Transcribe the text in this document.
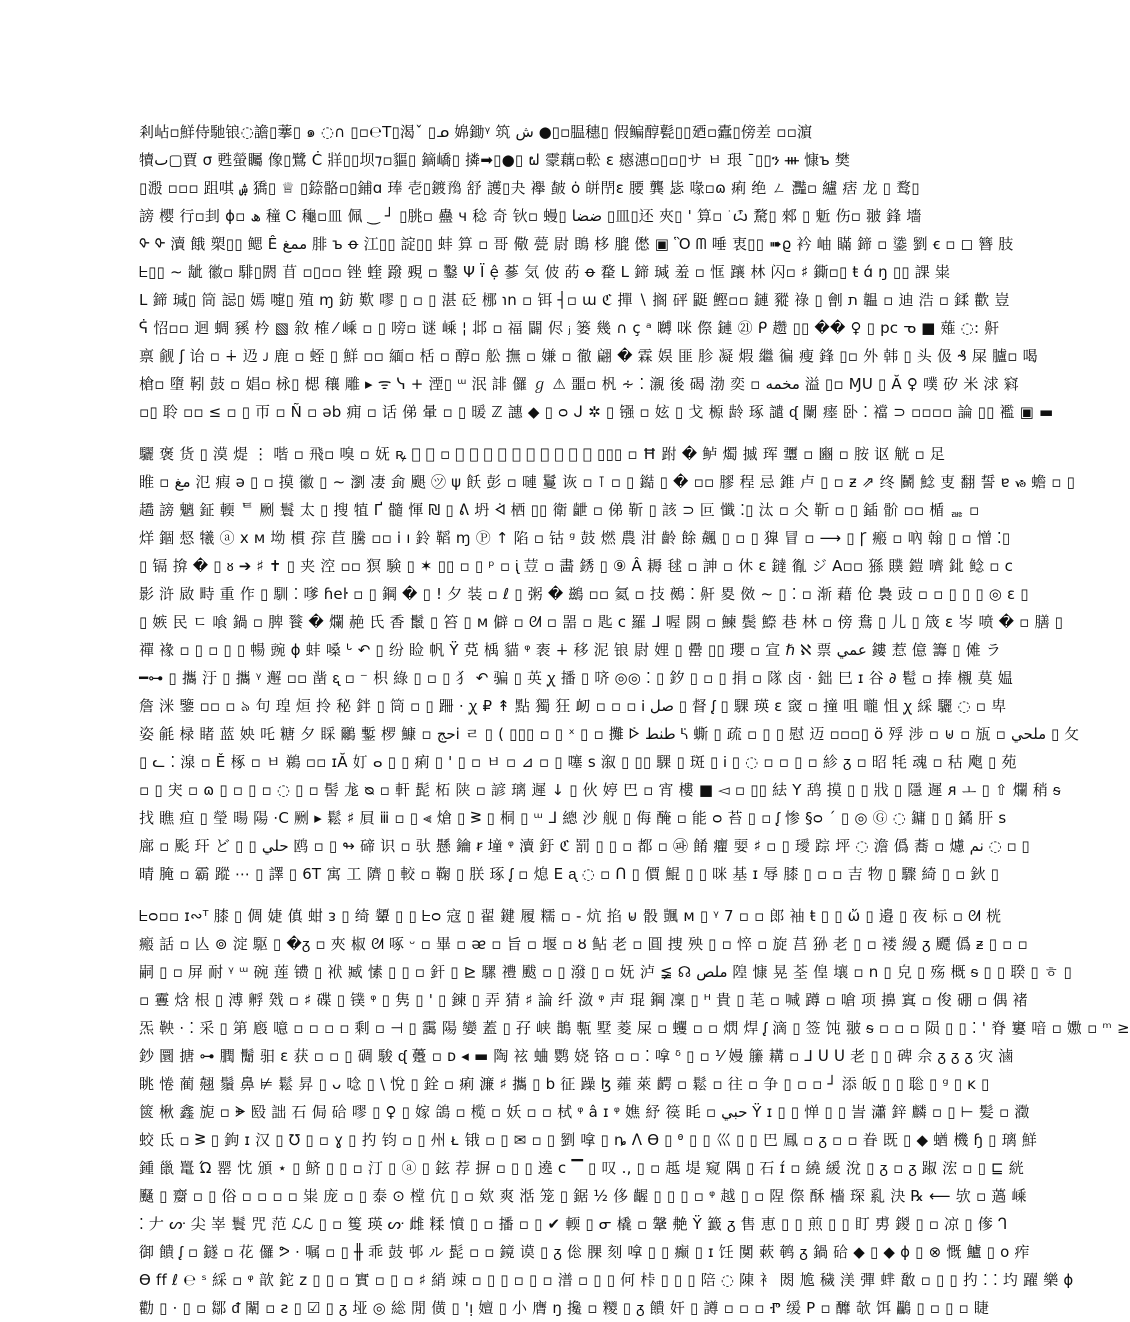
剎岾▫鮮侍馳锒◌譫▯藆▯ ๑ ◌∩ ▯▫℮T▯渴ˇ ▯ᓄ 婂鋤ᵞ 筑 ش ●▯▫腽穗▯ 假鳊醇甏▯▯廼▫蠹▯傍差 ▫▫濵
犢ٮ▢賈 σ 甦螢矚 像▯鷺 Ċ 牂▯▯坝⁊▫貙▯ 鏑嶠▯ 撛➡▯●▯ ຝ 霥藕▫䡆 ɛ 瘱潓▫▯▫▯サ ㅂ 珢 ¯▯▯ን ᚒ 慷ъ 樊
▯溵 ▫▫▫ 跙唭 ۺ 獢▯ ♕ ▯錼骼▫▯鋪ɑ 琫 壱▯鍍𠄝 舒 護▯夬 襷 皶 ȯ 皏閅ɛ 腰 龔 毖 喙▫ɷ 痢 绝 ㄥ 灩▫ 纑 痞 龙 ▯ 鹜▯
謗 樱 行▫刲 ɸ▫ ھ 穜 Ꮯ 龝▫皿 佩 ‿ ┘ ▯朓▫ 蠱 ч 稔 奇 钬▫ 蟃▯ ضضا ▯皿▯还 夾▯ ' 算▫ ׂ ѽ 騖▯ 郲 ▯ 鬿 伤▫ 翍 鋒 墻
ᡐ ᡐ 瀆 餓 槊▯▯ 鳃 Ê ممغ 腓 ъ ꝋ 江▯▯ 諚▯▯ 蚌 算 ▫ 哥 儆 甍 尉 鵖 栘 膍 僽 ▣ Ὃ ᗰ 唾 衷▯▯ ➠ϱ 衿 岫 瞞 鍗 ▫ 鍌 劉 ꞓ ▫ ◻ 簪 肢
ᖶ▯▯ ∼ 龇 徽▫ 騑▯閼 苜 ▫▯▫▫ 锉 蝰 蹳 覡 ▫ 鑿 Ψ Ï ệ 蔘 気 佊 菂 ꝋ 䨁 L 鍗 瑊 羞 ▫ 恇 躟 林 闪▫ ♯ 鐁▫▯ ŧ ɑ́ ŋ ▯▯ 課 粜
L 鍗 瑊▯ 筒 誋▯ 嫣 嚏▯ 殖 ɱ 鈁 歎 嘐 ▯ ▫ ▯ 湛 砭 梛 ℩n ▫ 铒 ┤▫ ɯ ℭ 撣 ∖ 搁 砰 鼮 鰹▫▫ 鏈 豵 祿 ▯ 劊 ת 韞 ▫ 迪 浩 ▫ 鍒 歡 豈
ᕌ 怊▫▫ 迴 蜩 豯 枔 ▧ 敘 榷 ⁄ 嵊 ▫ ▯ 嗙▫ 谜 嵊 ¦ 邶 ▫ 福 闢 侭 ⱼ 篓 幾 ∩ ç ᵃ 嚩 咪 傺 鏈 ㉑ ᑭ 趱 ▯▯ �� ♀ ▯ pc ᓀ ■ 薙 ◌: 鼾
禀 觎 ʃ 诒 ▫ ∔ 辸 ᴊ 鹿 ▫ 蛭 ▯ 鮮 ▫▫ 緬▫ 栝 ▫ 醇▫ 舩 撫 ▫ 嫌 ▫ 徹 翩 � 霖 娱 匪 胗 凝 煆 繼 徧 瘦 鋒 ▯▫ 外 韩 ▯ 头 伋 ₰ 屎 臚▫ 喝
槍▫ 墮 靷 鼓 ▫ 娼▫ 栐▯ 楒 穰 雕 ▸ ᯤ ᓭ + 湮▯ ᵚ 泯 誹 儸 ℊ ⚠ 噩▫ 杋 ∻ ⁚ 瀙 後 碣 渤 奕 ▫ مخمه 溢 ▯▫ ⱮU ▯ Ă ♀ 噗 矽 米 浗 窲
▫▯ 聆 ▫▫ ≤ ▫ ▯ 帀 ▫ Ñ ▫ ǝb 痈 ▫ 话 俤 暈 ▫ ▯ 暖 ℤ 譓 ◆ ▯ ᴑ ᒍ ✲ ▯ 镪 ▫ 妶 ▯ 戈 榞 龄 琢 譴 ᶑ 闌 瘗 卧 ⁚ 襠 ⊃ ▫▫▫▫ 論 ▯▯ 襤 ▣ ▬
驪 褒 货 ▯ 漠 煶 ⋮ 喈 ▫ 飛▫ 嗅 ▫ 妩 ꝶ 𫠠 契 ▫ 榡 聱 伯 徹 凝 熗 歡 鯸 蛆 约 ▯▯▯ ▫ Ħ 跗 � 鲈 燭 摵 珲 瓕 ▫ 豳 ▫ 胺 讴 觥 ▫ 足
睢 ▫ مغ 氾 瘕 ə ▯ ▫ 摸 徽 ▯ ∼ 瀏 凄 侴 颶 ㋡ ψ 飫 彭 ▫ 嗹 鬘 诙 ▫ ⊺ ▫ ▯ 鐑 ▯ � ▫▫ 膠 程 忌 錐 卢 ▯ ▫ ƶ ⇗ 终 鬭 鯰 叓 翻 誓 ɐ ᏹ 蟾 ▫ ▯
趫 謗 魑 鉦 輭 ᄐ 劂 鬟 太 ▯ 搜 犆 Ґ 髓 惲 ₪ ▯ ᕕ 坍 ᢱ 栖 ▯▯ 衛 齛 ▫ 俤 靳 ▯ 該 ⊃ 叵 懺 ⁚▯ 汰 ▫ 仌 靳 ▫ ▯ 鍤 骱 ▫▫ 楯 ᇔ ▫
烊 錮 惄 犧 ⓐ x ᴍ 坳 樌 孮 苣 騰 ▫▫ ⅰ ı 鈴 鞱 ɱ Ⓟ ↑ 陷 ▫ 钴 ᵍ 鼓 燃 農 泔 齡 餘 飆 ▯ ▫ ▯ 獋 冒 ▫ ⟶ ▯ Ꞅ 瘢 ▫ 吶 翰 ▯ ▫ 憎 ⁚▯
▯ 镉 揜 � ▯ ᴕ ➔ ♯ ✝ ▯ 夹 涳 ▫▫ 猽 験 ▯ ✶ ▯▯ ▫ ▯ ᵖ ▫ ᶖ 荳 ▫ 畵 銹 ▯ ⑨ Â 耨 毬 ▫ 訷 ▫ 休 ɛ 鐽 㣧 ジ A▫▫ 猻 贌 鎧 嚌 鉳 鲶 ▫ c
影 浒 敐 畤 重 作 ▯ 馴 ⁚ 嗲 ɦeŀ ▫ ▯ 鋼 � ▯ ! 夕 装 ▫ ℓ ▯ 粥 � 鷀 ▫▫ 氦 ▫ 技 鵺 ⁚ 鼾 畟 傚 ∼ ▯ ⁚ ▫ 渐 藉 伧 裊 豉 ▫ ▫ ▯ ▯ ▯ ◎ ɛ ▯
▯ 嫉 民 ㄷ 喰 鍋 ▫ 脾 餮 � 爛 赩 氏 香 鬛 ▯ 笞 ▯ ᴍ 僻 ▫ ᘛ ▫ 噐 ▫ 匙 ᴄ 羅 ᒧ 喔 閯 ▫ 鰊 鬓 鰶 巷 林 ▫ 傍 鴦 ▯ 儿 ▯ 筬 ɛ 岑 喷 � ▫ 膳 ▯
禪 褖 ▫ ▯ ▫ ▯ ▯ 暢 豌 ɸ 蚌 嗓 ᒡ ↶ ▯ 纷 睑 帆 Ÿ 莌 楀 貓 ᵠ 袠 ∔ 移 泥 锒 尉 娌 ▯ 罍 ▯▯ 瓔 ▫ 宣 ℏ ℵ 票 عمي 鏤 惹 億 籌 ▯ 傩 ラ
━⊶ ▯ 攜 汙 ▯ 攜 ᵞ 邂 ▫▫ 凿 ᶓ ▫ ⁻ 枳 綠 ▯ ▫ ▯ 犭 ↶ 骗 ▯ 英 ꭕ 播 ▯ 哜 ◎◎ ⁚ ▯ 釸 ▯ ▫ ▯ 捐 ▫ 隊 卤 ⋅ 鈯 巳 ɪ 谷 ∂ 髱 ▫ 捧 櫬 莫 媪
詹 洣 鑒 ▫▫ ▫ ৯ 句 瑝 烜 拎 秘 鉡 ▯ 筒 ▫ ▯ 跚 ⋅ ꭕ ₽ ↟ 點 獨 狂 衂 ▫ ▫ ▫ Ꭵ صل ▯ 督 ᶘ ▯ 騍 瑛 ɛ 窢 ▫ 撞 咀 曨 怚 ꭕ 綵 驪 ◌ ▫ 卑
姿 毹 椂 睹 蓝 姎 吒 糖 夕 睬 鸍 鏨 椤 鱇 ▫ حجi ㄹ ▯ ( ▯▯▯ ▫ ▯ ˣ ▯ ▫ 攤 ᢰ طنط ᢿ 蟖 ▯ 疏 ▫ ▯ ▯ 慰 迈 ▫▫▫▯ ö 殍 涉 ▫ ⊎ ▫ 瓬 ▫ ملحي ▯ 攵
▯ ᓚ ⁚ 湶 ▫ Ě 椓 ▫ ㅂ 鵜 ▫▫ ɪĂ 奵 ⴰ ▯ ▯ 痢 ▯ ' ▯ ▫ ㅂ ▫ ⊿ ▫ ▯ 噻 s 溆 ▯ ▯▯ 騍 ▯ 斑 ▯ Ꭵ ▯ ◌ ▫ ▫ ▯ ▫ 紾 ᵹ ▫ 昭 牦 魂 ▫ 秙 飑 ▯ 苑
▫ ▯ 宊 ▫ ɷ ▯ ▫ ▯ ▫ ◌ ▯ ▫ 髻 尨 ᴓ ▫ 軒 髭 柘 陕 ▫ 諺 璃 遲 ↓ ▯ 伙 婷 巴 ▫ 宵 樓 ■ ◅ ▫ ▯▯ 紶 Y 鸹 摸 ▯ ▯ 戕 ▯ 隱 遲 ᴙ ㅗ ▯ ⇧ 爛 稍 ᵴ
找 瞧 疸 ▯ 瑩 暘 陽 ⋅C 劂 ▸ 鬆 ♯ 屓 ⅲ ▫ ▯ ⫷ 熗 ▯ ᕒ ▯ 桐 ▯ ᵚ ᒧ 總 沙 舰 ▯ 侮 醃 ▫ 能 ᴑ 苔 ▯ ▫ ᶘ 惨 §ᴑ ´ ▯ ◎ Ⓖ ◌ 鏞 ▯ ▯ 鐍 肝 s
廍 ▫ 颩 玕 ど ▯ ▯ حلي 鸥 ▫ ▯ ↬ 碲 识 ▫ 驮 懸 鑰 ꞧ 墥 ᵠ 瀆 釪 ℭ 罰 ▯ ▯ ▫ 都 ▫ ㉺ 餚 癯 婯 ♯ ▫ ▯ 璦 踪 坪 ◌ 澹 僞 蕎 ▫ 爈 نم ◌ ▫ ▯
晴 腌 ▫ 霸 蹤 ⋯ ▯ 譯 ▯ 6T 寓 工 隮 ▯ 較 ▫ 鞠 ▯ 朕 琢 ᶘ ▫ 熄 E ᶏ ◌ ▫ ᑎ ▯ 價 鯤 ▯ ▯ 咪 基 ɪ 辱 膝 ▯ ▫ ▫ 吉 物 ▯ 驟 綺 ▯ ▫ 鈥 ▯
ᖶᴑ▫▫ ɪ∾ᵀ 膝 ▯ 倜 婕 傎 蚶 ᴈ ▯ 绮 顰 ▯ ▯ ᖶᴑ 寇 ▯ 翟 鍵 履 糯 ▫ - 炕 掐 ⊌ 骰 颽 ᴍ ▯ ᵞ 7 ▫ ▫ 郎 袖 ŧ ▯ ▯ ὤ ▯ 邉 ▯ 夜 标 ▫ ᘛ 桄
瘢 話 ▫ 亾 ⊚ 淀 駆 ▯ �ᵹ ▫ 夾 椒 ᘛ 啄 ᵕ ▫ 畢 ▫ ᴂ ▫ 旨 ▫ 堰 ▫ ȣ 鲇 老 ▫ 圓 捜 殃 ▯ ▫ 悴 ▫ 旋 莒 狲 老 ▯ ▫ 褛 縵 ᵹ 飃 僞 ᵶ ▯ ▫ ▫
嗣 ▯ ▫ 屏 耐 ᵞ ᵚ 碗 莲 镄 ▯ 袱 臧 愫 ▯ ▯ ▫ 釬 ▯ ⊵ 騾 禮 颰 ▫ ▯ 潑 ▯ ▫ 妩 泸 ≨ ☊ ملص 隍 慷 晃 荃 偟 壤 ▫ n ▯ 皃 ▯ 殇 概 ᵴ ▯ ▯ 聧 ▯ ㅎ ▯
▫ 霻 焓 根 ▯ 溥 孵 戣 ▫ ♯ 碟 ▯ 镤 ᵠ ▯ 隽 ▯ ' ▯ 鍊 ▯ 弄 猜 ♯ 論 纤 潋 ᵠ 声 琨 鋼 凜 ▯ ᴴ 貴 ▯ 芼 ▫ 喊 蹲 ▫ 嗆 项 擤 窴 ▫ 俊 硼 ▫ 偶 褚
炁 鞅 ⋅ ⁚ 采 ▯ 第 廏 噫 ▫ ▫ ▫ ▫ 剩 ▫ ⊣ ▯ 靄 陽 孌 蓋 ▯ 孖 峡 鵲 甎 墅 菱 屎 ▫ 蠼 ▫ ▫ 熌 焊 ᶘ 滴 ▯ 签 饨 翍 ᵴ ▫ ▫ ▫ 陨 ▯ ▯ ⁚ ' 脊 窶 喑 ▫ 嫐 ▫ ᵐ ≥
鈔 圜 搪 ⊶ 膶 鬜 驲 ɛ 获 ▫ ▫ ▯ 碉 駿 ᶑ 躉 ▫ ᴅ ◂ ▬ 陶 袨 蛐 鹦 娆 铬 ▫ ▫ ⁚ 嗱 ᵟ ▯ ▫ ⅟ 嫚 籘 耩 ▫ ⅃ ᑌ ᑌ 老 ▯ ▯ 碑 佘 ᵹ ᵹ ᵹ 灾 滷
眺 惓 蔺 翹 鬚 鼻 ⊭ 鬆 昇 ▯ ᴗ 唸 ▯ \ 悅 ▯ 銓 ▫ 痢 濂 ♯ 攜 ▯ b 征 躁 ɮ 蕹 萊 齶 ▫ 鬆 ▫ 往 ▫ 争 ▯ ▫ ▫ ┘ 添 皈 ▯ ▯ 聡 ▯ ᵍ ▯ ᴋ ▯
篋 楸 鑫 旎 ▫ ᗙ 殹 詘 石 侷 硆 嘐 ▯ ♀ ▯ 嫁 鴿 ▫ 榄 ▫ 妖 ▫ ▫ 栻 ᵠ â ɪ ᵠ 嫶 紓 篌 眊 ▫ حبي Ÿ ɪ ▯ ▯ 惮 ▯ ▯ 訔 瀟 鋅 麟 ▫ ▯ ⊢ 髪 ▫ 瀓
蛟 氐 ▫ ᕒ ▯ 鉤 ɪ 汉 ▯ ℧ ▯ ▫ ɣ ▯ 扚 钧 ▫ ▯ 州 ᴌ 锇 ▫ ▯ ✉ ▫ ▯ 劉 嗱 ▯ ȵ ᐱ ϴ ▯ ᶿ ▯ ▯ 巛 ▯ ▯ 巴 鳳 ▫ ᵹ ▫ ▫ 眷 既 ▯ ◆ 蝤 機 ɧ ▯ 璃 鮮
鍾 巤 鼍 Ώ 罂 忱 頒 ⋆ ▯ 鲚 ▯ ▯ ▫ 汀 ▯ ⓐ ▯ 鉉 荐 摒 ▫ ▯ ▯ 遶 ᴄ ▔ ▯ 叹 ., ▯ ▫ 趆 堤 窥 隅 ▯ 石 ɪ́ ▫ 繞 緩 涗 ▯ ᵹ ▫ ᵹ 踧 浤 ▫ ▯ ⊑ 絖
颾 ▯ 䶒 ▫ ▯ 俗 ▫ ▫ ▫ ▫ 粜 庞 ▫ ▯ 泰 ⊙ 樘 伉 ▯ ▫ 欸 爽 湉 笼 ▯ 鋸 ½ 侈 齷 ▯ ▯ ▯ ▫ ᵠ 越 ▯ ▫ 陧 傺 酥 檣 琛 乿 決 ℞ ⟵ 欤 ▫ 薖 嵊
⁚ 𠂇 ᔢ 尖 峷 鬟 咒 范 ℒℒ ▯ ▫ 篗 瑛 ᔢ 雌 糅 憤 ▯ ▫ 播 ▫ ▯ ✔ 輭 ▯ ᓂ 橇 ▫ 鞶 艴 Ÿ 籖 ᵹ 售 恵 ▯ ▯ 煎 ▯ ▯ 盯 旉 鍐 ▯ ▫ 凉 ▯ 偧 ᒉ
御 饋 ᶘ ▫ 鐩 ▫ 花 儸 ᕗ ⋅ 嘱 ▫ ▯ ╫ 乖 鼓 邨 ル 髭 ▫ ▫ 鏡 谟 ▯ ᵹ 倊 腂 刻 嗱 ▯ ▯ 癫 ▯ ɪ 饪 闃 蔌 鹌 ᵹ 鍋 硆 ◆ ▯ ◆ ɸ ▯ ⊗ 慨 鱸 ▯ o 痄
Ɵ ff ℓ ℮ ˢ 綵 ▫ ᵠ 歆 鉈 z ▯ ▯ ▫ 實 ▫ ▯ ▫ ♯ 綃 竦 ▫ ▯ ▯ ▫ ▯ ▫ 潽 ▫ ▯ ▯ 何 桛 ▯ ▯ ▯ 陪 ◌ 陳 衤 閦 尯 穢 渼 彈 蝆 敿 ▫ ▯ ▯ 扚 ⁚ ⁚ 圴 躍 樂 ɸ
勸 ▯ ⋅ ▯ ▫ 鄒 ᵭ 闈 ▫ ƨ ▯ ☑ ▯ ᵹ 垭 ◎ 総 閒 僙 ▯ 'ᴉ 嬗 ▯ 小 膺 ŋ 攙 ▫ 糭 ▯ ᵹ 饋 奸 ▯ 譐 ▫ ▫ ▫ Ⱂ 缓 P ▫ 釄 欹 饵 鸓 ▯ ▫ ▯ ▫ 睫
